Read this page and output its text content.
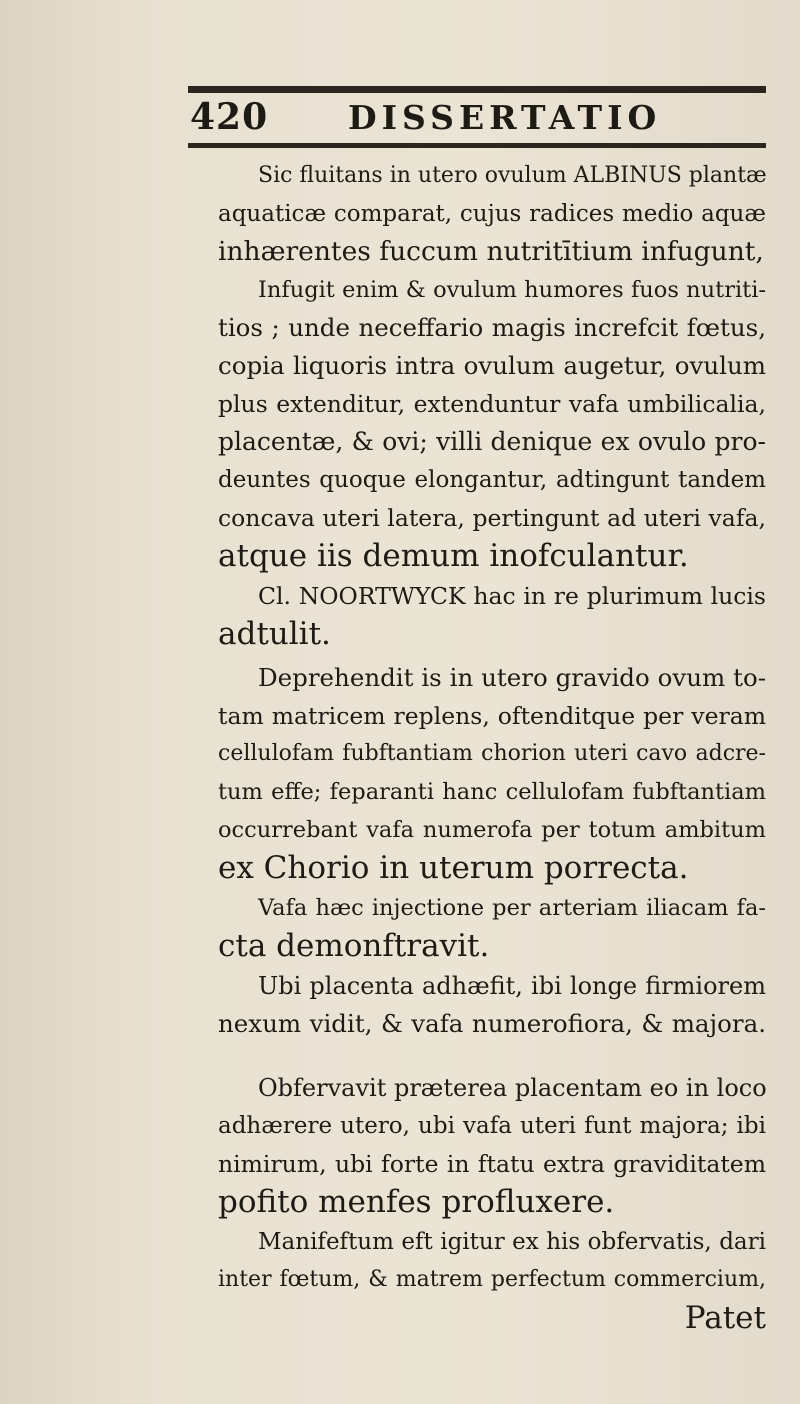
420 DISSERTATIO
Sic fluitans in utero ovulum ALBINUS plantæ
aquaticæ comparat, cujus radices medio aquæ
inhærentes fuccum nutritītium infugunt,
Infugit enim & ovulum humores fuos nutriti-
tios ; unde neceffario magis increfcit fœtus,
copia liquoris intra ovulum augetur, ovulum
plus extenditur, extenduntur vafa umbilicalia,
placentæ, & ovi; villi denique ex ovulo pro-
deuntes quoque elongantur, adtingunt tandem
concava uteri latera, pertingunt ad uteri vafa,
atque iis demum inofculantur.
Cl. NOORTWYCK hac in re plurimum lucis
adtulit.
Deprehendit is in utero gravido ovum to-
tam matricem replens, oftenditque per veram
cellulofam fubftantiam chorion uteri cavo adcre-
tum effe; feparanti hanc cellulofam fubftantiam
occurrebant vafa numerofa per totum ambitum
ex Chorio in uterum porrecta.
Vafa hæc injectione per arteriam iliacam fa-
cta demonftravit.
Ubi placenta adhæfit, ibi longe firmiorem
nexum vidit, & vafa numerofiora, & majora.
Obfervavit præterea placentam eo in loco
adhærere utero, ubi vafa uteri funt majora; ibi
nimirum, ubi forte in ftatu extra graviditatem
pofito menfes profluxere.
Manifeftum eft igitur ex his obfervatis, dari
inter fœtum, & matrem perfectum commercium,
Patet
